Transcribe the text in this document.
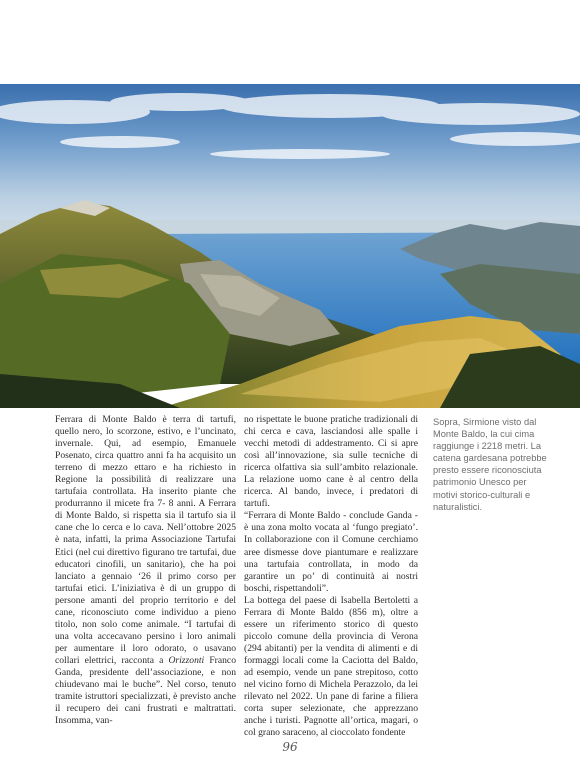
Ferrara di Monte Baldo è terra di tartufi, quello nero, lo scorzone, estivo, e l’uncinato, invernale. Qui, ad esempio, Emanuele Posenato, circa quattro anni fa ha acquisito un terreno di mezzo ettaro e ha richiesto in Regione la possibilità di realizzare una tartufaia controllata. Ha inserito piante che produrranno il micete fra 7- 8 anni. A Ferrara di Monte Baldo, si rispetta sia il tartufo sia il cane che lo cerca e lo cava. Nell’ottobre 2025 è nata, infatti, la prima Associazione Tartufai Etici (nel cui direttivo figurano tre tartufai, due educatori cinofili, un sanitario), che ha poi lanciato a gennaio ‘26 il primo corso per tartufai etici. L’iniziativa è di un gruppo di persone amanti del proprio territorio e del cane, riconosciuto come individuo a pieno titolo, non solo come animale. “I tartufai di una volta accecavano persino i loro animali per aumentare il loro odorato, o usavano collari elettrici, racconta a Orizzonti Franco Ganda, presidente dell’associazione, e non chiudevano mai le buche”. Nel corso, tenuto tramite istruttori specializzati, è previsto anche il recupero dei cani frustrati e maltrattati. Insomma, van-

no rispettate le buone pratiche tradizionali di chi cerca e cava, lasciandosi alle spalle i vecchi metodi di addestramento. Ci si apre così all’innovazione, sia sulle tecniche di ricerca olfattiva sia sull’ambito relazionale. La relazione uomo cane è al centro della ricerca. Al bando, invece, i predatori di tartufi.

“Ferrara di Monte Baldo - conclude Ganda - è una zona molto vocata al ‘fungo pregiato’. In collaborazione con il Comune cerchiamo aree dismesse dove piantumare e realizzare una tartufaia controllata, in modo da garantire un po’ di continuità ai nostri boschi, rispettandoli”.

La bottega del paese di Isabella Bertoletti a Ferrara di Monte Baldo (856 m), oltre a essere un riferimento storico di questo piccolo comune della provincia di Verona (294 abitanti) per la vendita di alimenti e di formaggi locali come la Caciotta del Baldo, ad esempio, vende un pane strepitoso, cotto nel vicino forno di Michela Perazzolo, da lei rilevato nel 2022. Un pane di farine a filiera corta super selezionate, che apprezzano anche i turisti. Pagnotte all’ortica, magari, o col grano saraceno, al cioccolato fondente

Sopra, Sirmione visto dal Monte Baldo, la cui cima raggiunge i 2218 metri. La catena gardesana potrebbe presto essere riconosciuta patrimonio Unesco per motivi storico-culturali e naturalistici.
96
